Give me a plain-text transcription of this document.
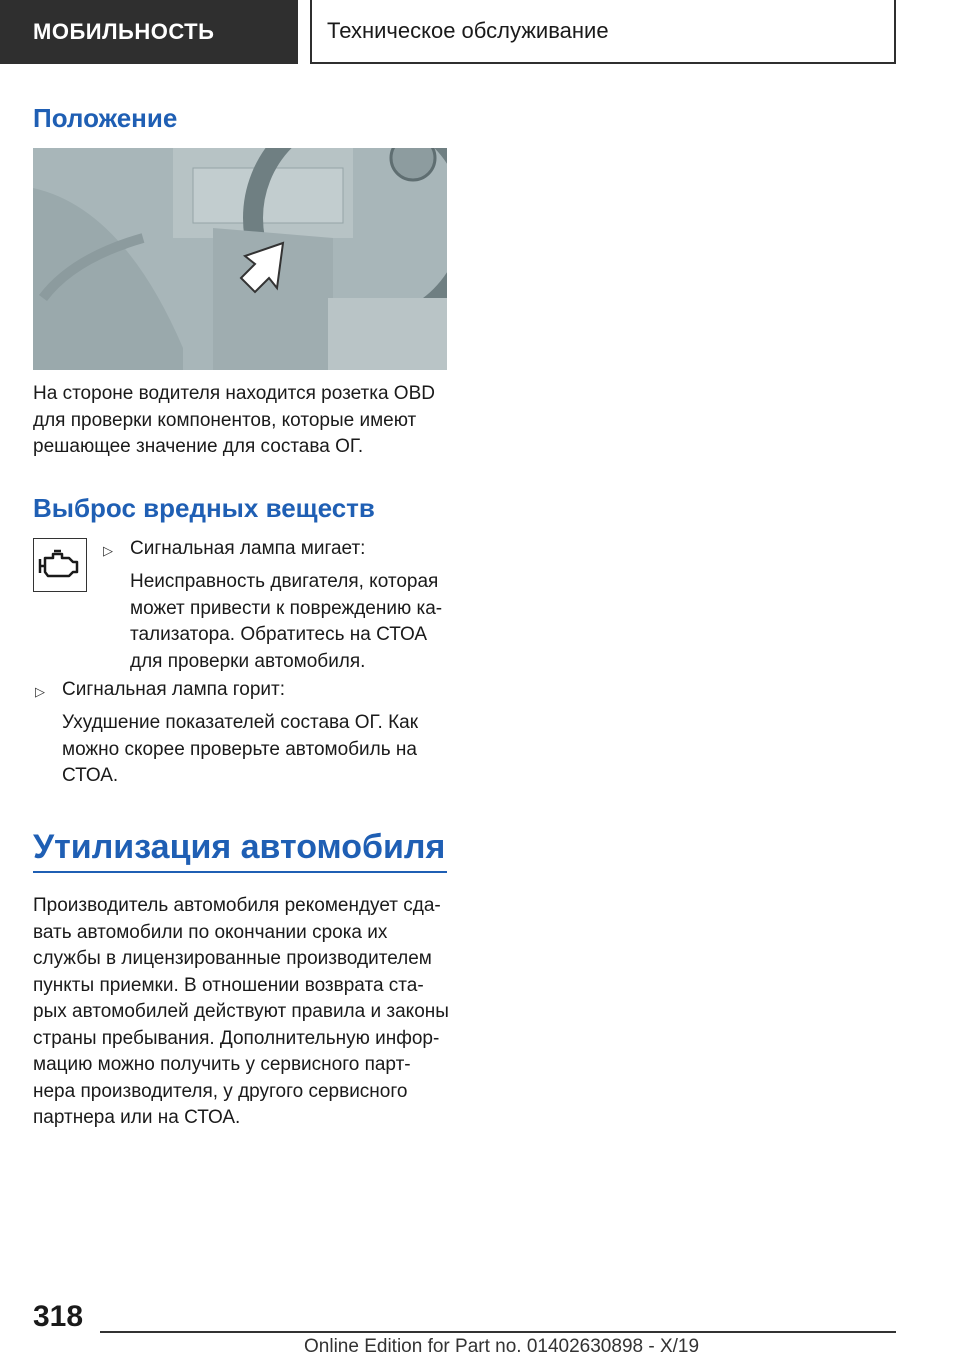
МОБИЛЬНОСТЬ	Техническое обслуживание
Положение

На стороне водителя находится розетка OBD для проверки компонентов, которые имеют решающее значение для состава ОГ.

Выброс вредных веществ
▷ Сигнальная лампа мигает:
Неисправность двигателя, которая
может привести к повреждению ка-
тализатора. Обратитесь на СТОА
для проверки автомобиля.
▷ Сигнальная лампа горит:
Ухудшение показателей состава ОГ. Как
можно скорее проверьте автомобиль на
СТОА.
Утилизация автомобиля
Производитель автомобиля рекомендует сда-
вать автомобили по окончании срока их
службы в лицензированные производителем
пункты приемки. В отношении возврата ста-
рых автомобилей действуют правила и законы
страны пребывания. Дополнительную инфор-
мацию можно получить у сервисного парт-
нера производителя, у другого сервисного
партнера или на СТОА.
318
Online Edition for Part no. 01402630898 - X/19
